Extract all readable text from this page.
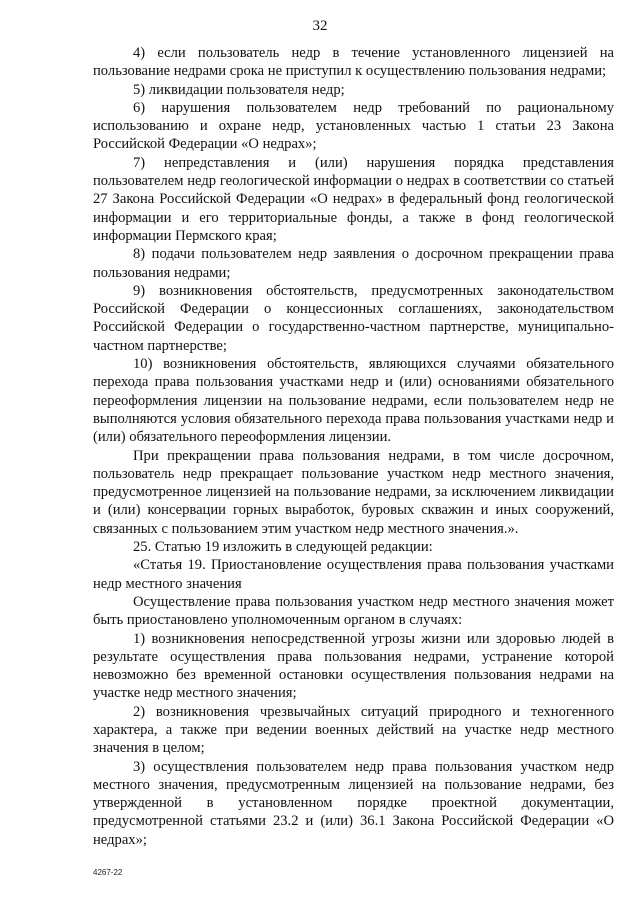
32

4) если пользователь недр в течение установленного лицензией на пользование недрами срока не приступил к осуществлению пользования недрами;

5) ликвидации пользователя недр;

6) нарушения пользователем недр требований по рациональному использованию и охране недр, установленных частью 1 статьи 23 Закона Российской Федерации «О недрах»;

7) непредставления и (или) нарушения порядка представления пользователем недр геологической информации о недрах в соответствии со статьей 27 Закона Российской Федерации «О недрах» в федеральный фонд геологической информации и его территориальные фонды, а также в фонд геологической информации Пермского края;

8) подачи пользователем недр заявления о досрочном прекращении права пользования недрами;

9) возникновения обстоятельств, предусмотренных законодательством Российской Федерации о концессионных соглашениях, законодательством Российской Федерации о государственно-частном партнерстве, муниципально-частном партнерстве;

10) возникновения обстоятельств, являющихся случаями обязательного перехода права пользования участками недр и (или) основаниями обязательного переоформления лицензии на пользование недрами, если пользователем недр не выполняются условия обязательного перехода права пользования участками недр и (или) обязательного переоформления лицензии.

При прекращении права пользования недрами, в том числе досрочном, пользователь недр прекращает пользование участком недр местного значения, предусмотренное лицензией на пользование недрами, за исключением ликвидации и (или) консервации горных выработок, буровых скважин и иных сооружений, связанных с пользованием этим участком недр местного значения.».

25. Статью 19 изложить в следующей редакции:

«Статья 19. Приостановление осуществления права пользования участками недр местного значения

Осуществление права пользования участком недр местного значения может быть приостановлено уполномоченным органом в случаях:

1) возникновения непосредственной угрозы жизни или здоровью людей в результате осуществления права пользования недрами, устранение которой невозможно без временной остановки осуществления пользования недрами на участке недр местного значения;

2) возникновения чрезвычайных ситуаций природного и техногенного характера, а также при ведении военных действий на участке недр местного значения в целом;

3) осуществления пользователем недр права пользования участком недр местного значения, предусмотренным лицензией на пользование недрами, без утвержденной в установленном порядке проектной документации, предусмотренной статьями 23.2 и (или) 36.1 Закона Российской Федерации «О недрах»;

4267-22
